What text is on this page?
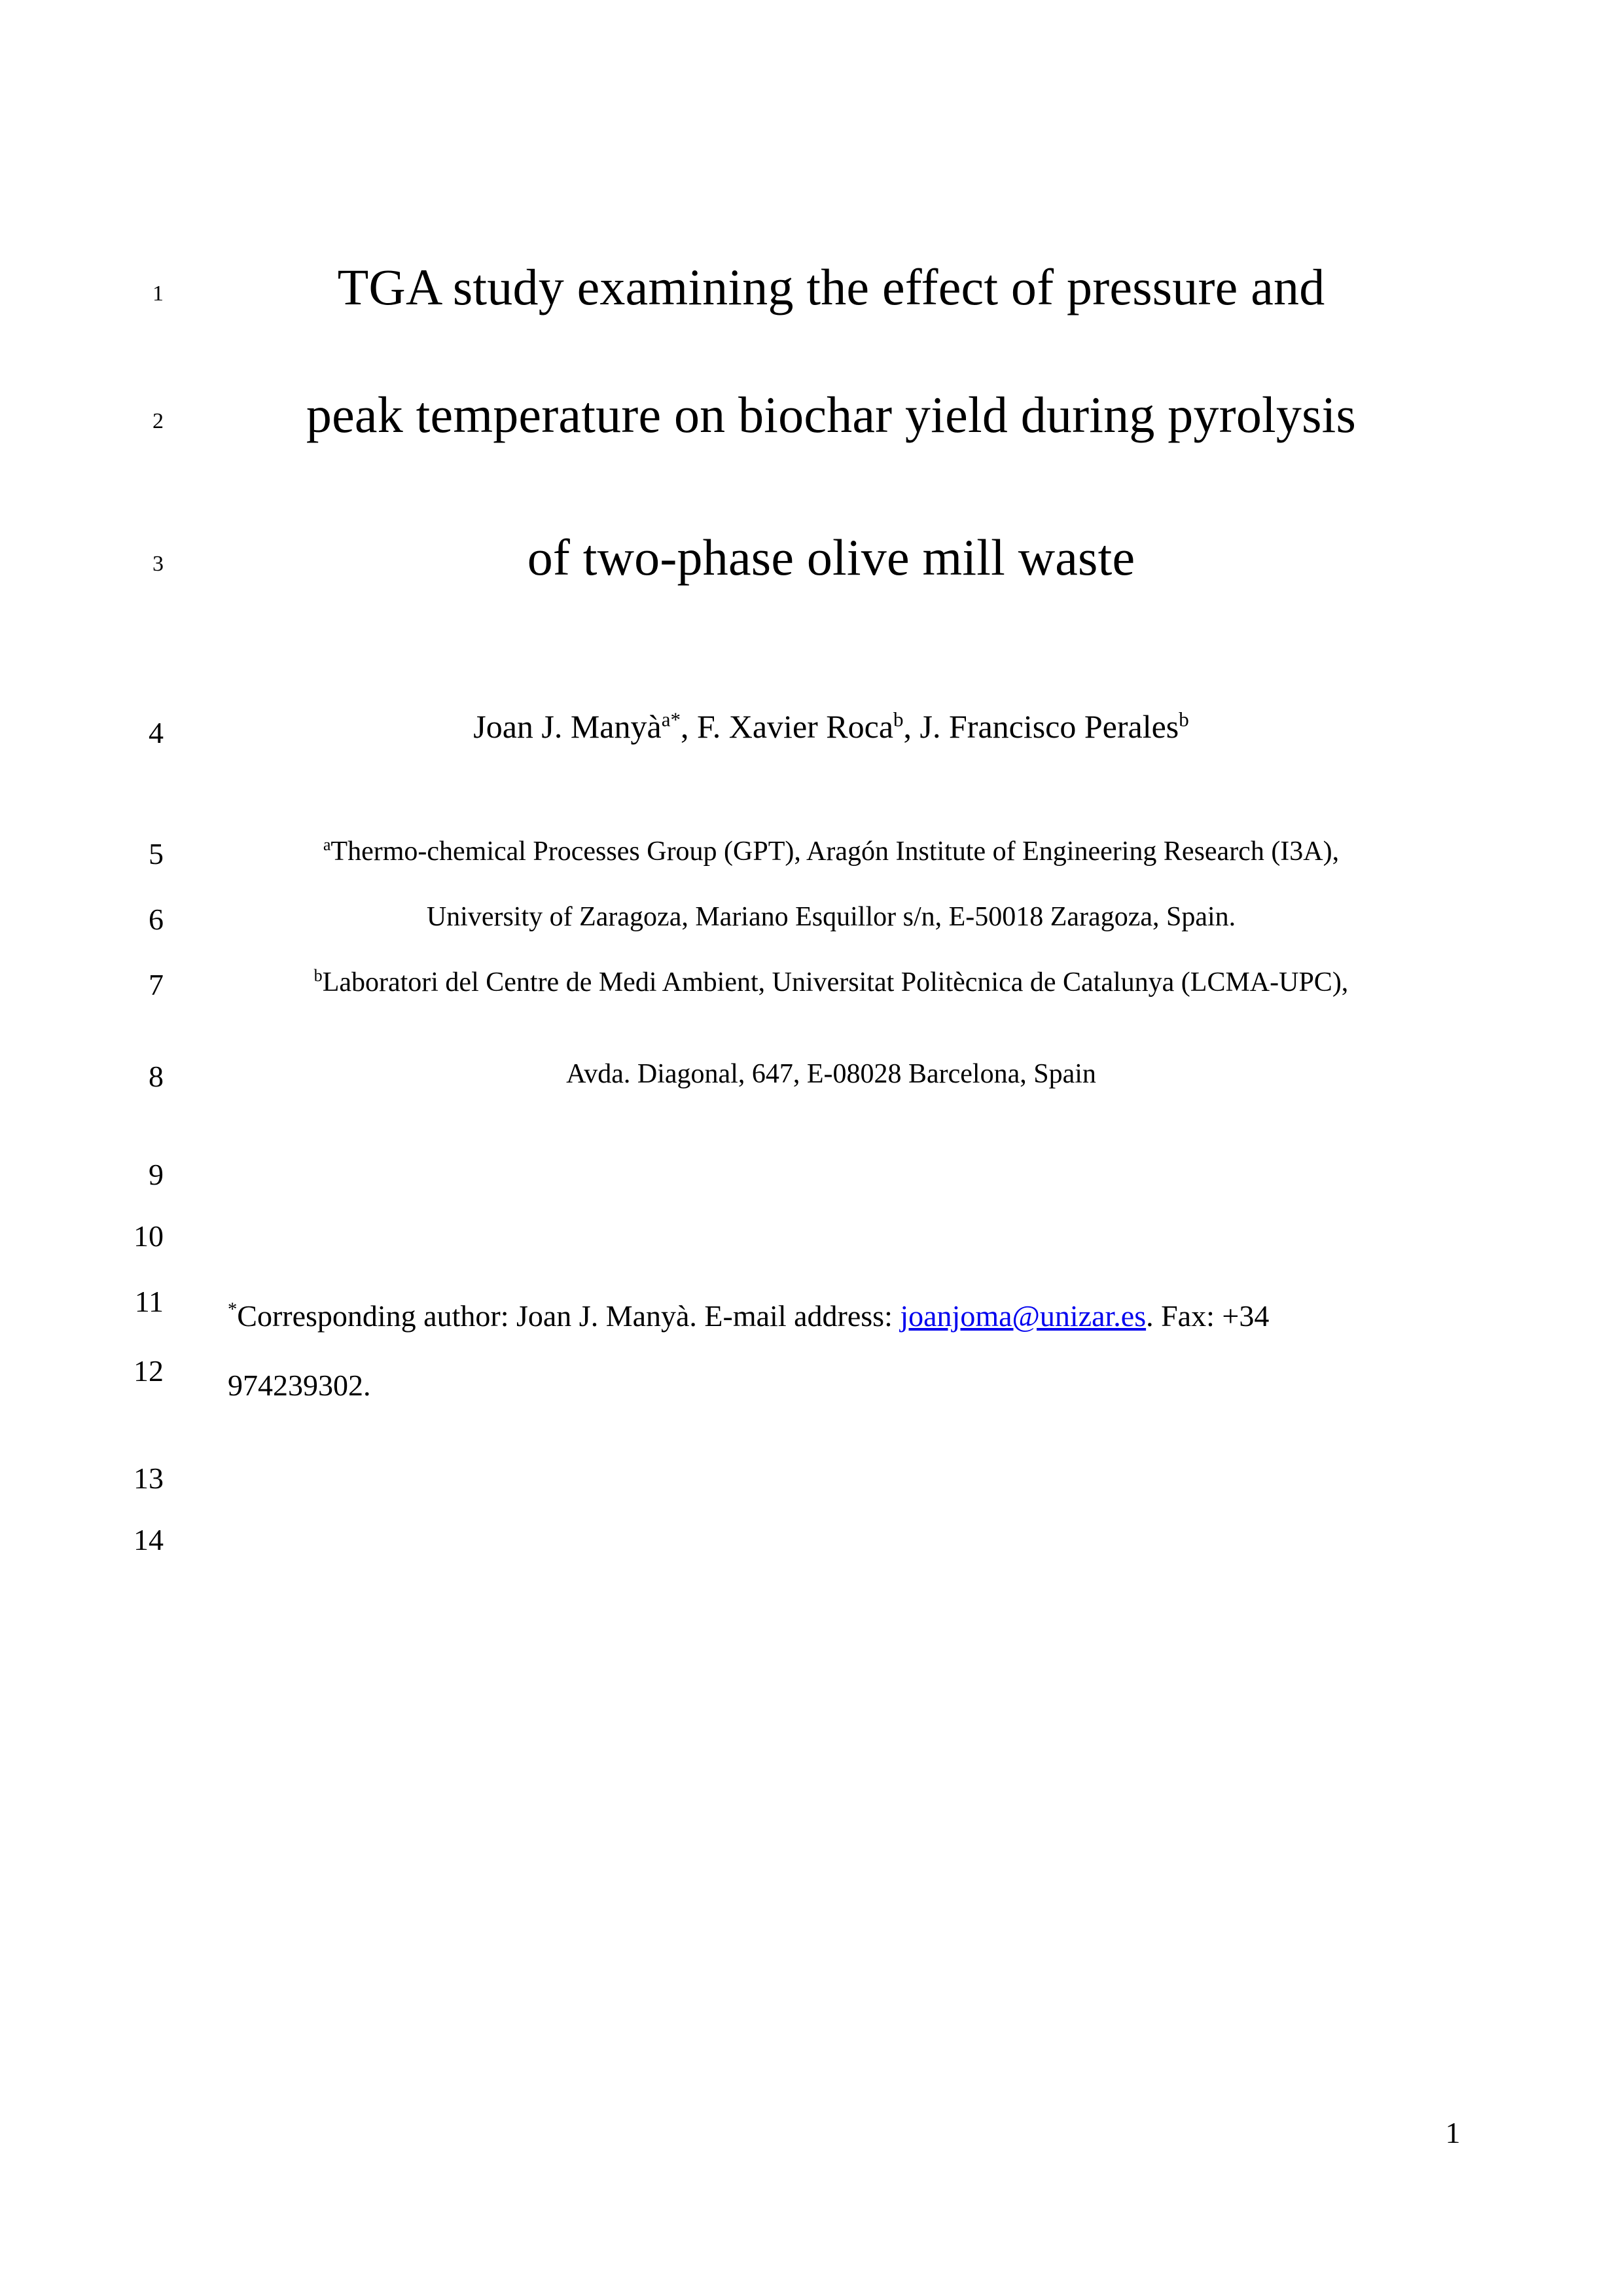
1	TGA study examining the effect of pressure and
2	peak temperature on biochar yield during pyrolysis
3	of two-phase olive mill waste
4	Joan J. Manyà$^{a*}$, F. Xavier Roca$^b$, J. Francisco Perales$^b$
5	$^a$Thermo-chemical Processes Group (GPT), Aragón Institute of Engineering Research (I3A),
6	University of Zaragoza, Mariano Esquillor s/n, E-50018 Zaragoza, Spain.
7	$^b$Laboratori del Centre de Medi Ambient, Universitat Politècnica de Catalunya (LCMA-UPC),
8	Avda. Diagonal, 647, E-08028 Barcelona, Spain
9
10
11
12

*Corresponding author: Joan J. Manyà. E-mail address: joanjoma@unizar.es. Fax: +34

974239302.

13
14
1
